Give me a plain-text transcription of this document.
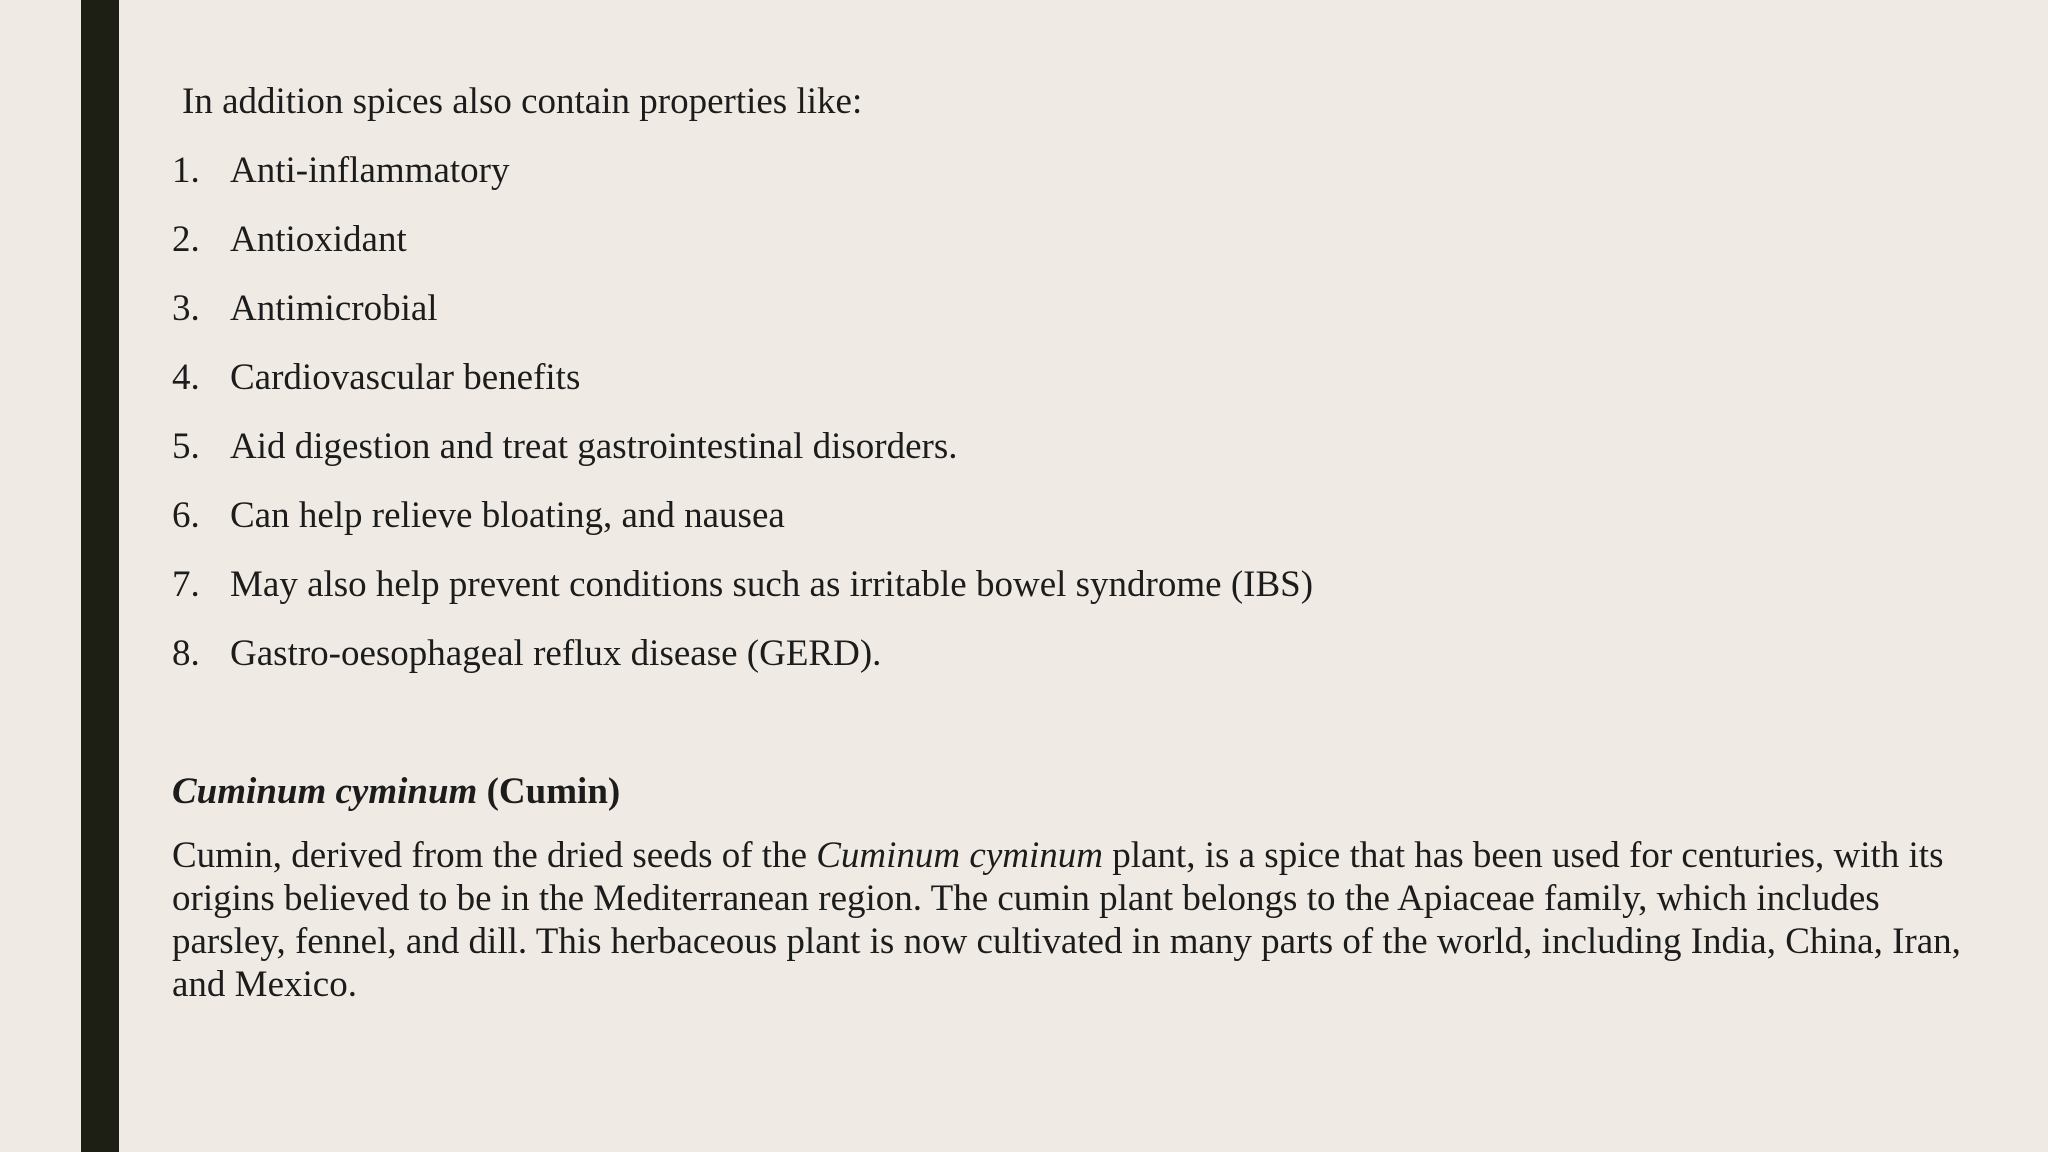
In addition spices also contain properties like:

1. Anti-inflammatory
2. Antioxidant
3. Antimicrobial
4. Cardiovascular benefits
5. Aid digestion and treat gastrointestinal disorders.
6. Can help relieve bloating, and nausea
7. May also help prevent conditions such as irritable bowel syndrome (IBS)
8. Gastro-oesophageal reflux disease (GERD).
Cuminum cyminum (Cumin)

Cumin, derived from the dried seeds of the Cuminum cyminum plant, is a spice that has been used for centuries, with its origins believed to be in the Mediterranean region. The cumin plant belongs to the Apiaceae family, which includes parsley, fennel, and dill. This herbaceous plant is now cultivated in many parts of the world, including India, China, Iran, and Mexico.
